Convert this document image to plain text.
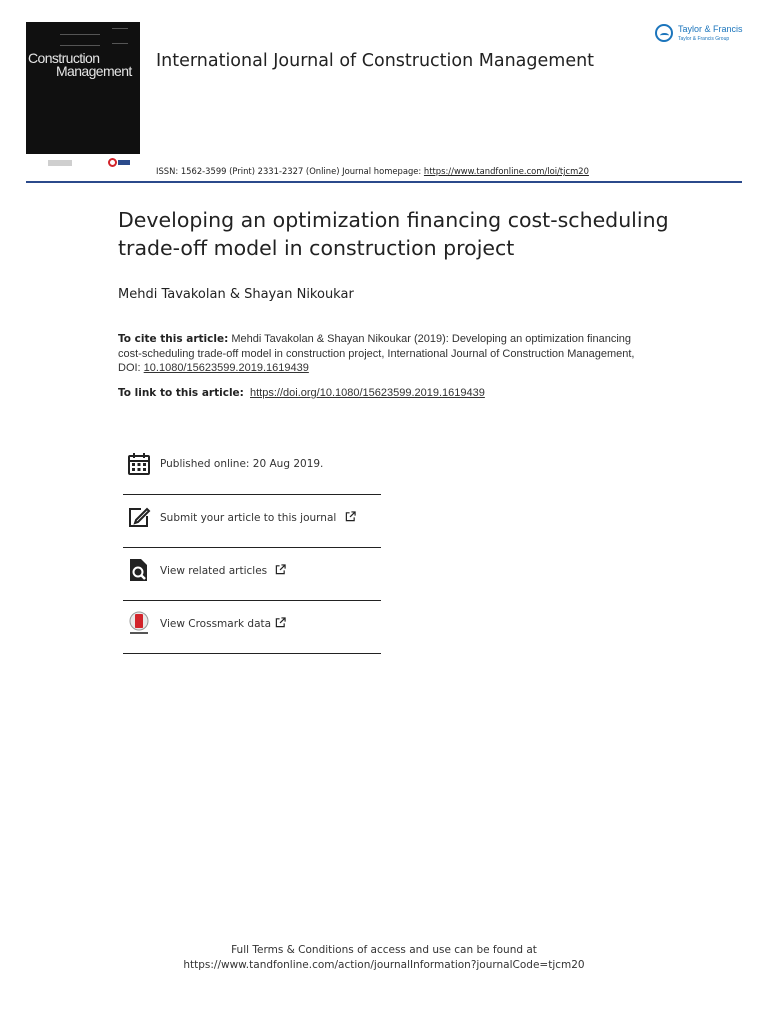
Taylor & Francis
Taylor & Francis Group
Construction
Management International Journal of Construction Management
ISSN: 1562-3599 (Print) 2331-2327 (Online) Journal homepage: https://www.tandfonline.com/loi/tjcm20
Developing an optimization financing cost-scheduling trade-off model in construction project
Mehdi Tavakolan & Shayan Nikoukar
To cite this article: Mehdi Tavakolan & Shayan Nikoukar (2019): Developing an optimization financing cost-scheduling trade-off model in construction project, International Journal of Construction Management, DOI: 10.1080/15623599.2019.1619439
To link to this article: https://doi.org/10.1080/15623599.2019.1619439
Published online: 20 Aug 2019.
Submit your article to this journal
View related articles
View Crossmark data
Full Terms & Conditions of access and use can be found at
https://www.tandfonline.com/action/journalInformation?journalCode=tjcm20
